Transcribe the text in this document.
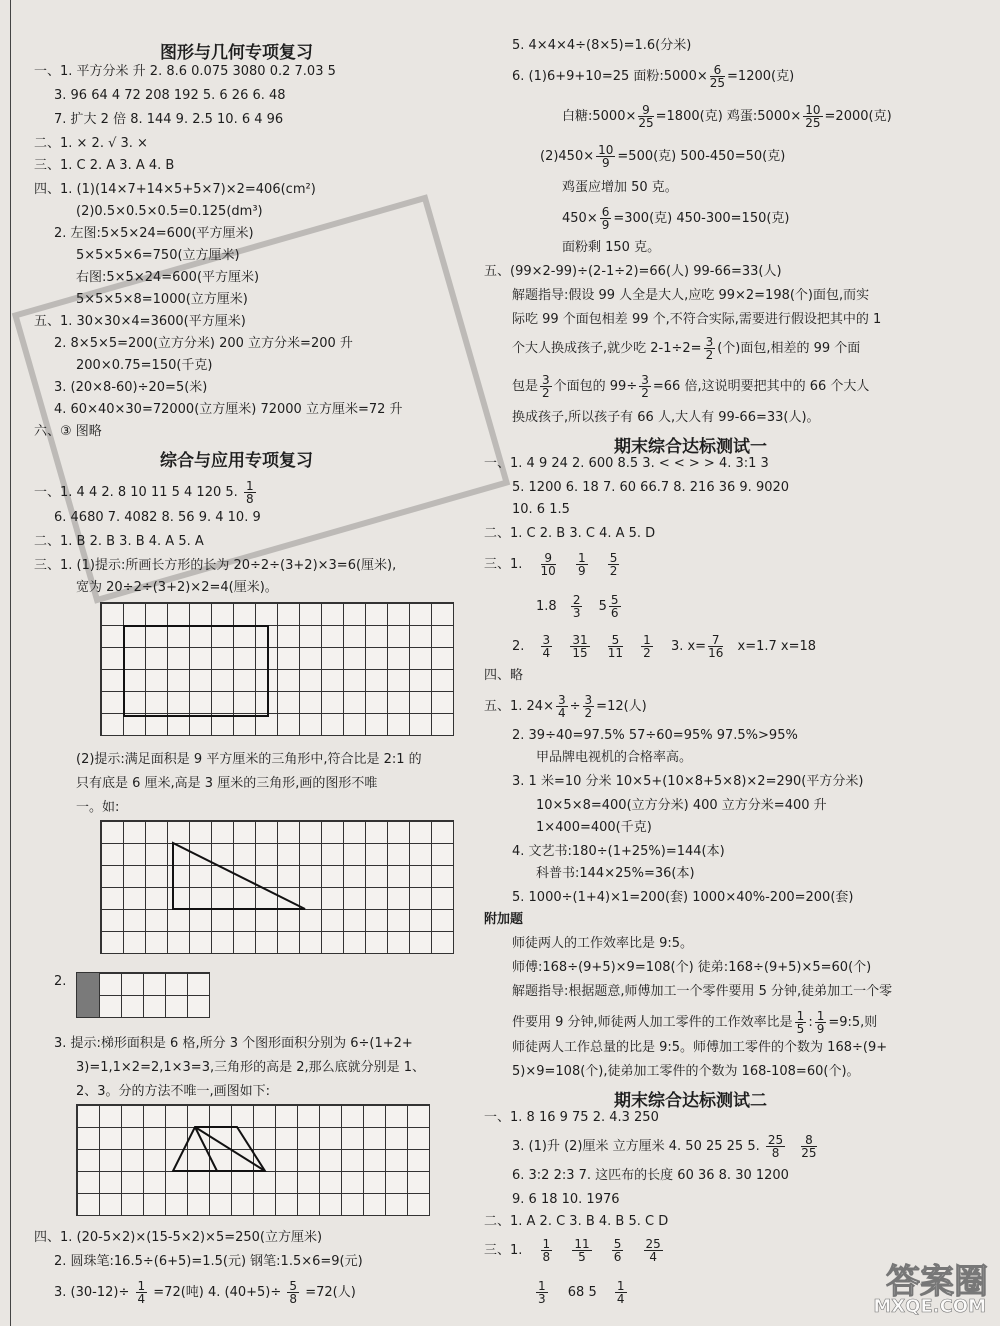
图形与几何专项复习
一、1. 平方分米 升 2. 8.6 0.075 3080 0.2 7.03 5
3. 96 64 4 72 208 192 5. 6 26 6. 48
7. 扩大 2 倍 8. 144 9. 2.5 10. 6 4 96
二、1. × 2. √ 3. ×
三、1. C 2. A 3. A 4. B
四、1. (1)(14×7+14×5+5×7)×2=406(cm²)
(2)0.5×0.5×0.5=0.125(dm³)
2. 左图:5×5×24=600(平方厘米)
5×5×5×6=750(立方厘米)
右图:5×5×24=600(平方厘米)
5×5×5×8=1000(立方厘米)
五、1. 30×30×4=3600(平方厘米)
2. 8×5×5=200(立方分米) 200 立方分米=200 升
200×0.75=150(千克)
3. (20×8-60)÷20=5(米)
4. 60×40×30=72000(立方厘米) 72000 立方厘米=72 升
六、③ 图略
综合与应用专项复习
一、1. 4 4 2. 8 10 11 5 4 120 5. $\frac{1}{8}$
6. 4680 7. 4082 8. 56 9. 4 10. 9
二、1. B 2. B 3. B 4. A 5. A
三、1. (1)提示:所画长方形的长为 20÷2÷(3+2)×3=6(厘米),
宽为 20÷2÷(3+2)×2=4(厘米)。
(2)提示:满足面积是 9 平方厘米的三角形中,符合比是 2:1 的
只有底是 6 厘米,高是 3 厘米的三角形,画的图形不唯
一。如:
2.
3. 提示:梯形面积是 6 格,所分 3 个图形面积分别为 6÷(1+2+
3)=1,1×2=2,1×3=3,三角形的高是 2,那么底就分别是 1、
2、3。分的方法不唯一,画图如下:
四、1. (20-5×2)×(15-5×2)×5=250(立方厘米)
2. 圆珠笔:16.5÷(6+5)=1.5(元) 钢笔:1.5×6=9(元)
3. $(30-12)\div \frac{1}{4} =72$(吨) 4. $(40+5)\div \frac{5}{8} =72$(人)
5. 4×4×4÷(8×5)=1.6(分米)
6. (1)6+9+10=25 面粉:5000× $\frac{6}{25} =1200$(克)
白糖:5000× $\frac{9}{25} =1800$(克) 鸡蛋:5000× $\frac{10}{25} =2000$(克)
$(2)450\times \frac{10}{9} =500$(克) 500-450=50(克)
鸡蛋应增加 50 克。
$450\times \frac{6}{9} =300$(克) 450-300=150(克)
面粉剩 150 克。
五、(99×2-99)÷(2-1÷2)=66(人) 99-66=33(人)
解题指导:假设 99 人全是大人,应吃 99×2=198(个)面包,而实
际吃 99 个面包相差 99 个,不符合实际,需要进行假设把其中的 1
个大人换成孩子,就少吃 $2-1\div 2= \frac{3}{2}$ (个)面包,相差的 99 个面
包是 $\frac{3}{2}$ 个面包的 $99\div \frac{3}{2} =66$ 倍,这说明要把其中的 66 个大人
换成孩子,所以孩子有 66 人,大人有 99-66=33(人)。
期末综合达标测试一
一、1. 4 9 24 2. 600 8.5 3. < < > > 4. 3:1 3
5. 1200 6. 18 7. 60 66.7 8. 216 36 9. 9020
10. 6 1.5
二、1. C 2. B 3. C 4. A 5. D
三、1. $\frac{9}{10}$
$\frac{1}{9}$
$\frac{5}{2}$
$1.8 \frac{2}{3} 5 \frac{5}{6}$
2. $\frac{3}{4}$
$\frac{31}{15}$
$\frac{5}{11}$
$\frac{1}{2} 3$. $x= \frac{7}{16} x=1.7$ x=18
四、略
五、1. $24\times \frac{3}{4} \div \frac{3}{2} =12$(人)
2. 39÷40=97.5% 57÷60=95% 97.5%>95%
甲品牌电视机的合格率高。
3. 1 米=10 分米 10×5+(10×8+5×8)×2=290(平方分米)
10×5×8=400(立方分米) 400 立方分米=400 升
1×400=400(千克)
4. 文艺书:180÷(1+25%)=144(本)
科普书:144×25%=36(本)
5. 1000÷(1+4)×1=200(套) 1000×40%-200=200(套)
附加题
师徒两人的工作效率比是 9:5。
师傅:168÷(9+5)×9=108(个) 徒弟:168÷(9+5)×5=60(个)
解题指导:根据题意,师傅加工一个零件要用 5 分钟,徒弟加工一个零
件要用 9 分钟,师徒两人加工零件的工作效率比是 $\frac{1}{5}$ : $\frac{1}{9}$ =9:5,则
师徒两人工作总量的比是 9:5。师傅加工零件的个数为 168÷(9+
5)×9=108(个),徒弟加工零件的个数为 168-108=60(个)。
期末综合达标测试二
一、1. 8 16 9 75 2. 4.3 250
3. (1)升 (2)厘米 立方厘米 4. 50 25 25 5. $\frac{25}{8}$
$\frac{8}{25}$
6. 3:2 2:3 7. 这匹布的长度 60 36 8. 30 1200
9. 6 18 10. 1976
二、1. A 2. C 3. B 4. B 5. C D
三、1. $\frac{1}{8}$
$\frac{11}{5}$
$\frac{5}{6}$
$\frac{25}{4}$
$\frac{1}{3} 68$ $5 \frac{1}{4}$	答案圈
MXQE.COM
